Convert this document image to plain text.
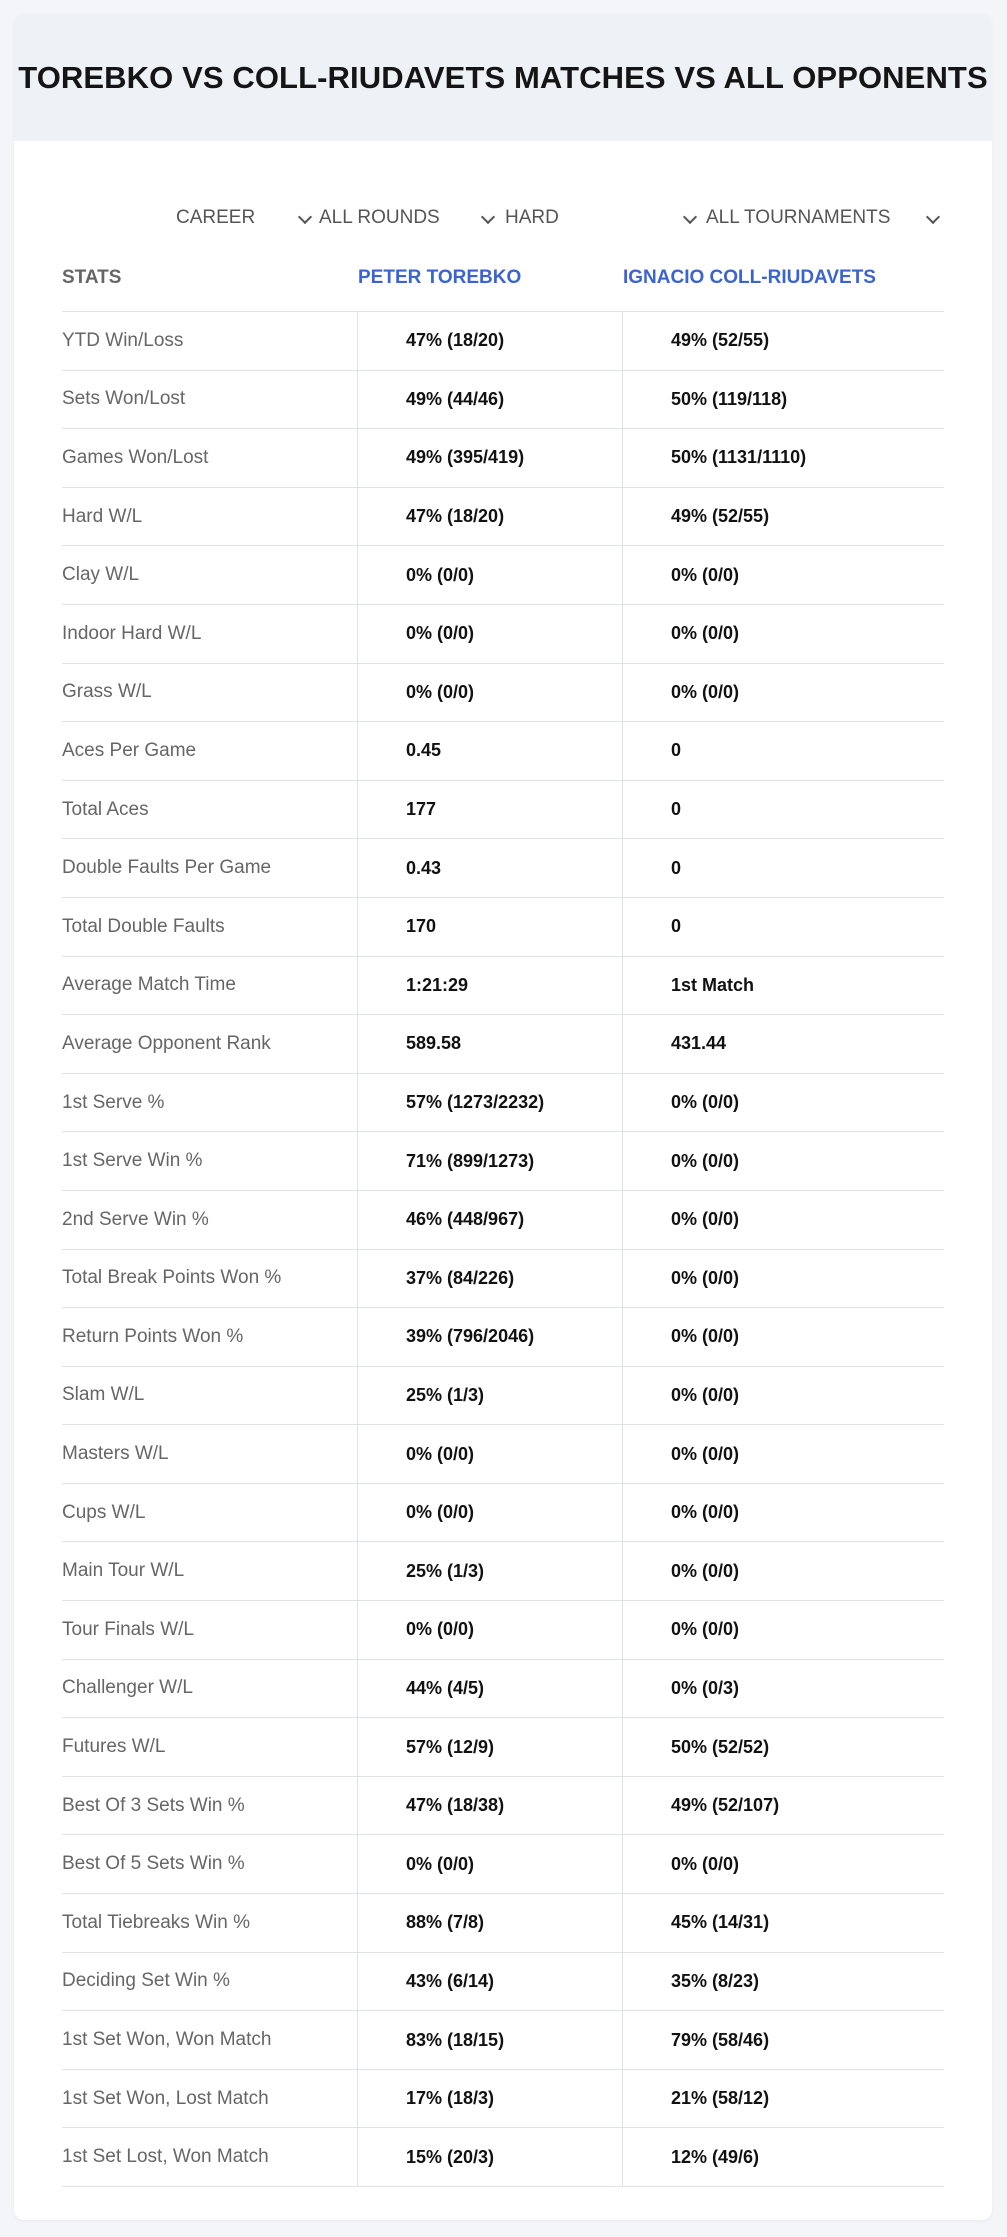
TOREBKO VS COLL-RIUDAVETS MATCHES VS ALL OPPONENTS
CAREER	ALL ROUNDS	HARD	ALL TOURNAMENTS
STATS	PETER TOREBKO	IGNACIO COLL-RIUDAVETS
YTD Win/Loss	47% (18/20)	49% (52/55)
Sets Won/Lost	49% (44/46)	50% (119/118)
Games Won/Lost	49% (395/419)	50% (1131/1110)
Hard W/L	47% (18/20)	49% (52/55)
Clay W/L	0% (0/0)	0% (0/0)
Indoor Hard W/L	0% (0/0)	0% (0/0)
Grass W/L	0% (0/0)	0% (0/0)
Aces Per Game	0.45	0
Total Aces	177	0
Double Faults Per Game	0.43	0
Total Double Faults	170	0
Average Match Time	1:21:29	1st Match
Average Opponent Rank	589.58	431.44
1st Serve %	57% (1273/2232)	0% (0/0)
1st Serve Win %	71% (899/1273)	0% (0/0)
2nd Serve Win %	46% (448/967)	0% (0/0)
Total Break Points Won %	37% (84/226)	0% (0/0)
Return Points Won %	39% (796/2046)	0% (0/0)
Slam W/L	25% (1/3)	0% (0/0)
Masters W/L	0% (0/0)	0% (0/0)
Cups W/L	0% (0/0)	0% (0/0)
Main Tour W/L	25% (1/3)	0% (0/0)
Tour Finals W/L	0% (0/0)	0% (0/0)
Challenger W/L	44% (4/5)	0% (0/3)
Futures W/L	57% (12/9)	50% (52/52)
Best Of 3 Sets Win %	47% (18/38)	49% (52/107)
Best Of 5 Sets Win %	0% (0/0)	0% (0/0)
Total Tiebreaks Win %	88% (7/8)	45% (14/31)
Deciding Set Win %	43% (6/14)	35% (8/23)
1st Set Won, Won Match	83% (18/15)	79% (58/46)
1st Set Won, Lost Match	17% (18/3)	21% (58/12)
1st Set Lost, Won Match	15% (20/3)	12% (49/6)
